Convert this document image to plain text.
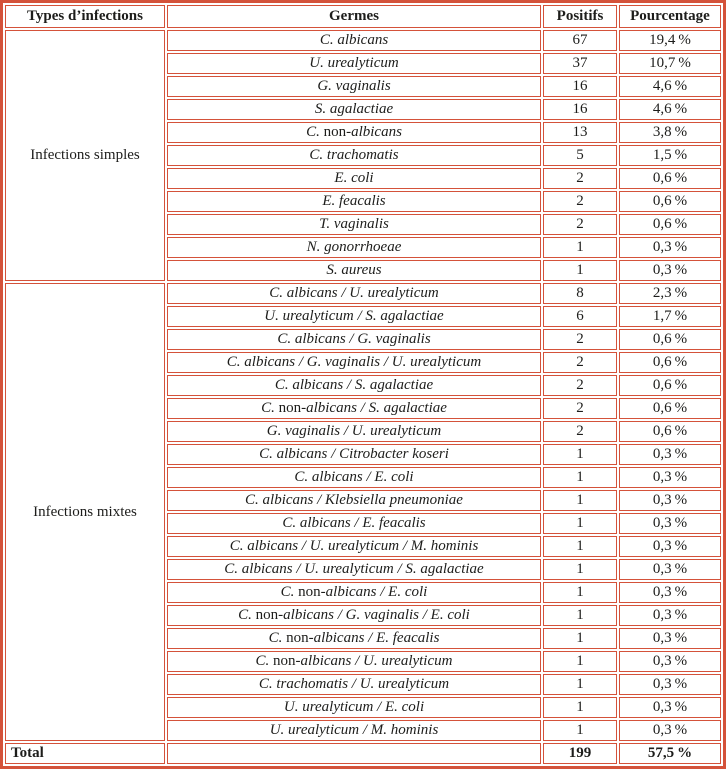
Types d’infections	Germes	Positifs	Pourcentage
Infections simples	C. albicans	67	19,4 %
	U. urealyticum	37	10,7 %
	G. vaginalis	16	4,6 %
	S. agalactiae	16	4,6 %
	C. non-albicans	13	3,8 %
	C. trachomatis	5	1,5 %
	E. coli	2	0,6 %
	E. feacalis	2	0,6 %
	T. vaginalis	2	0,6 %
	N. gonorrhoeae	1	0,3 %
	S. aureus	1	0,3 %
Infections mixtes	C. albicans / U. urealyticum	8	2,3 %
	U. urealyticum / S. agalactiae	6	1,7 %
	C. albicans / G. vaginalis	2	0,6 %
	C. albicans / G. vaginalis / U. urealyticum	2	0,6 %
	C. albicans / S. agalactiae	2	0,6 %
	C. non-albicans / S. agalactiae	2	0,6 %
	G. vaginalis / U. urealyticum	2	0,6 %
	C. albicans / Citrobacter koseri	1	0,3 %
	C. albicans / E. coli	1	0,3 %
	C. albicans / Klebsiella pneumoniae	1	0,3 %
	C. albicans / E. feacalis	1	0,3 %
	C. albicans / U. urealyticum / M. hominis	1	0,3 %
	C. albicans / U. urealyticum / S. agalactiae	1	0,3 %
	C. non-albicans / E. coli	1	0,3 %
	C. non-albicans / G. vaginalis / E. coli	1	0,3 %
	C. non-albicans / E. feacalis	1	0,3 %
	C. non-albicans / U. urealyticum	1	0,3 %
	C. trachomatis / U. urealyticum	1	0,3 %
	U. urealyticum / E. coli	1	0,3 %
	U. urealyticum / M. hominis	1	0,3 %
Total		199	57,5 %
